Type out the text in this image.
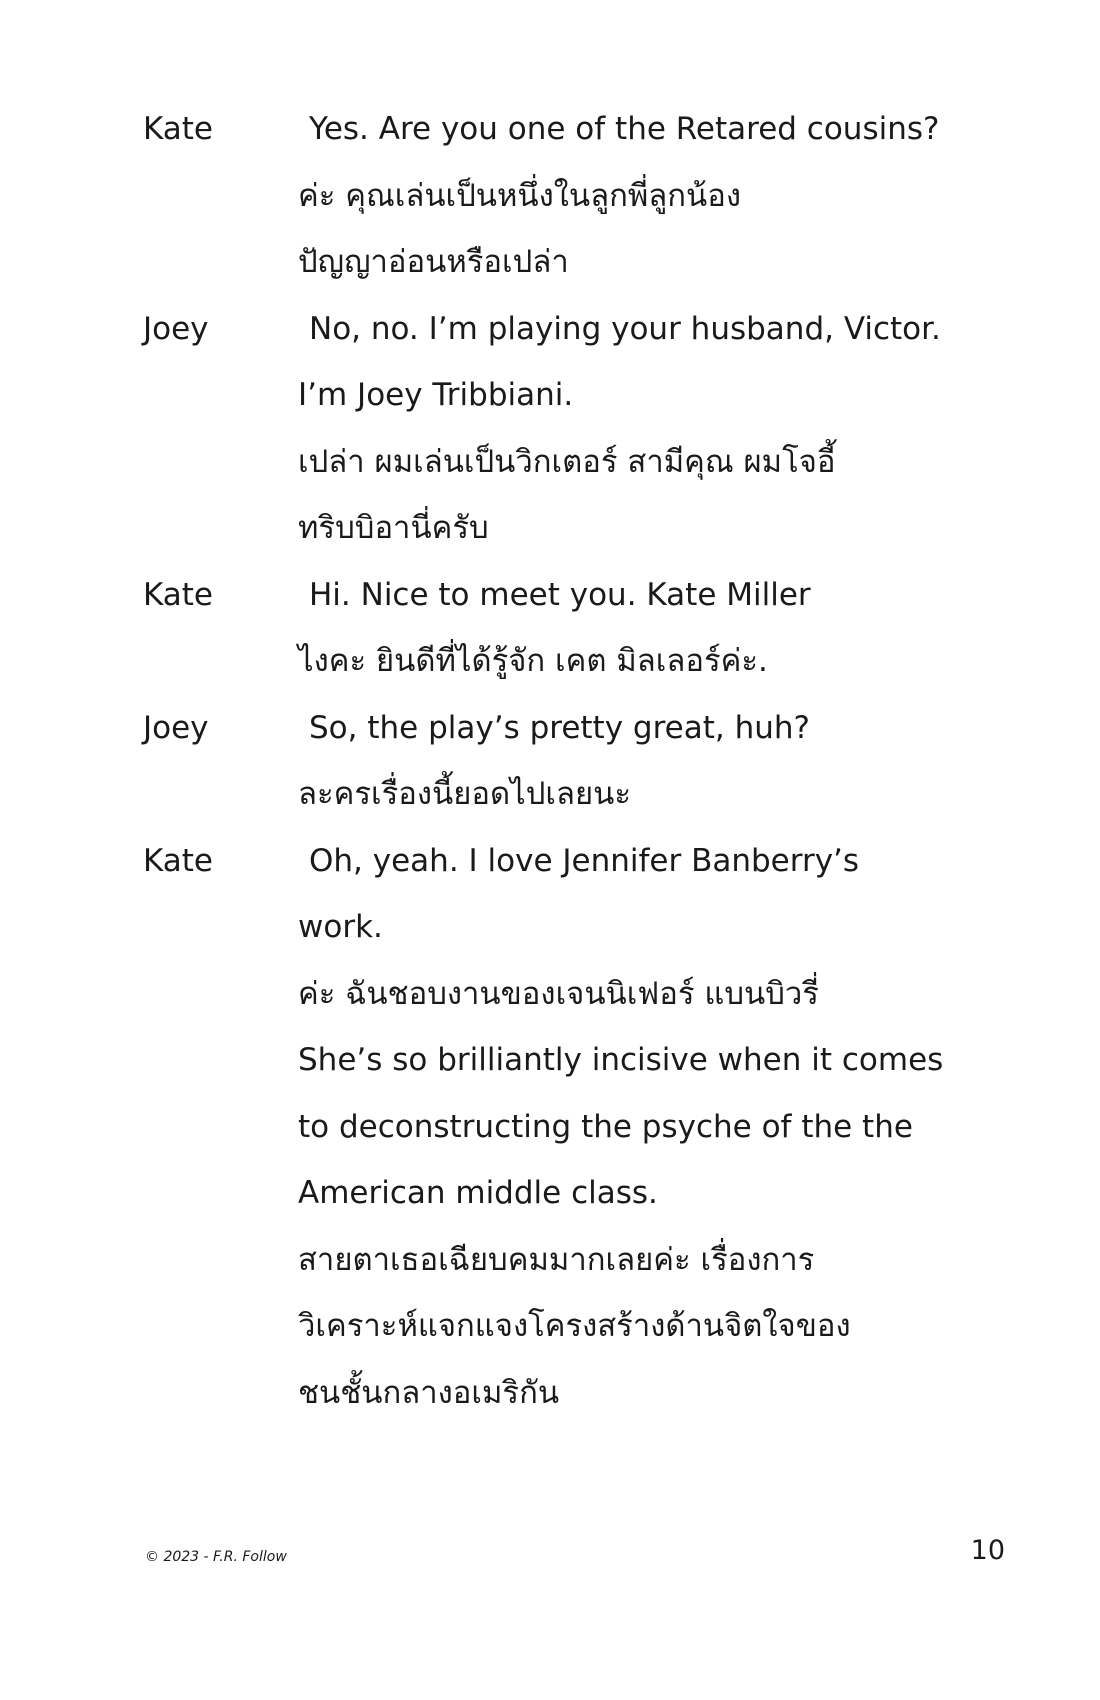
Kate	Yes. Are you one of the Retared cousins?
ค่ะ คุณเล่นเป็นหนึ่งในลูกพี่ลูกน้อง
ปัญญาอ่อนหรือเปล่า
Joey	No, no. I’m playing your husband, Victor.
I’m Joey Tribbiani.
เปล่า ผมเล่นเป็นวิกเตอร์ สามีคุณ ผมโจอี้
ทริบบิอานี่ครับ
Kate	Hi. Nice to meet you. Kate Miller
ไงคะ ยินดีที่ได้รู้จัก เคต มิลเลอร์ค่ะ.
Joey	So, the play’s pretty great, huh?
ละครเรื่องนี้ยอดไปเลยนะ
Kate	Oh, yeah. I love Jennifer Banberry’s
work.
ค่ะ ฉันชอบงานของเจนนิเฟอร์ แบนบิวรี่
She’s so brilliantly incisive when it comes
to deconstructing the psyche of the the
American middle class.
สายตาเธอเฉียบคมมากเลยค่ะ เรื่องการ
วิเคราะห์แจกแจงโครงสร้างด้านจิตใจของ
ชนชั้นกลางอเมริกัน
© 2023 - F.R. Follow	10
